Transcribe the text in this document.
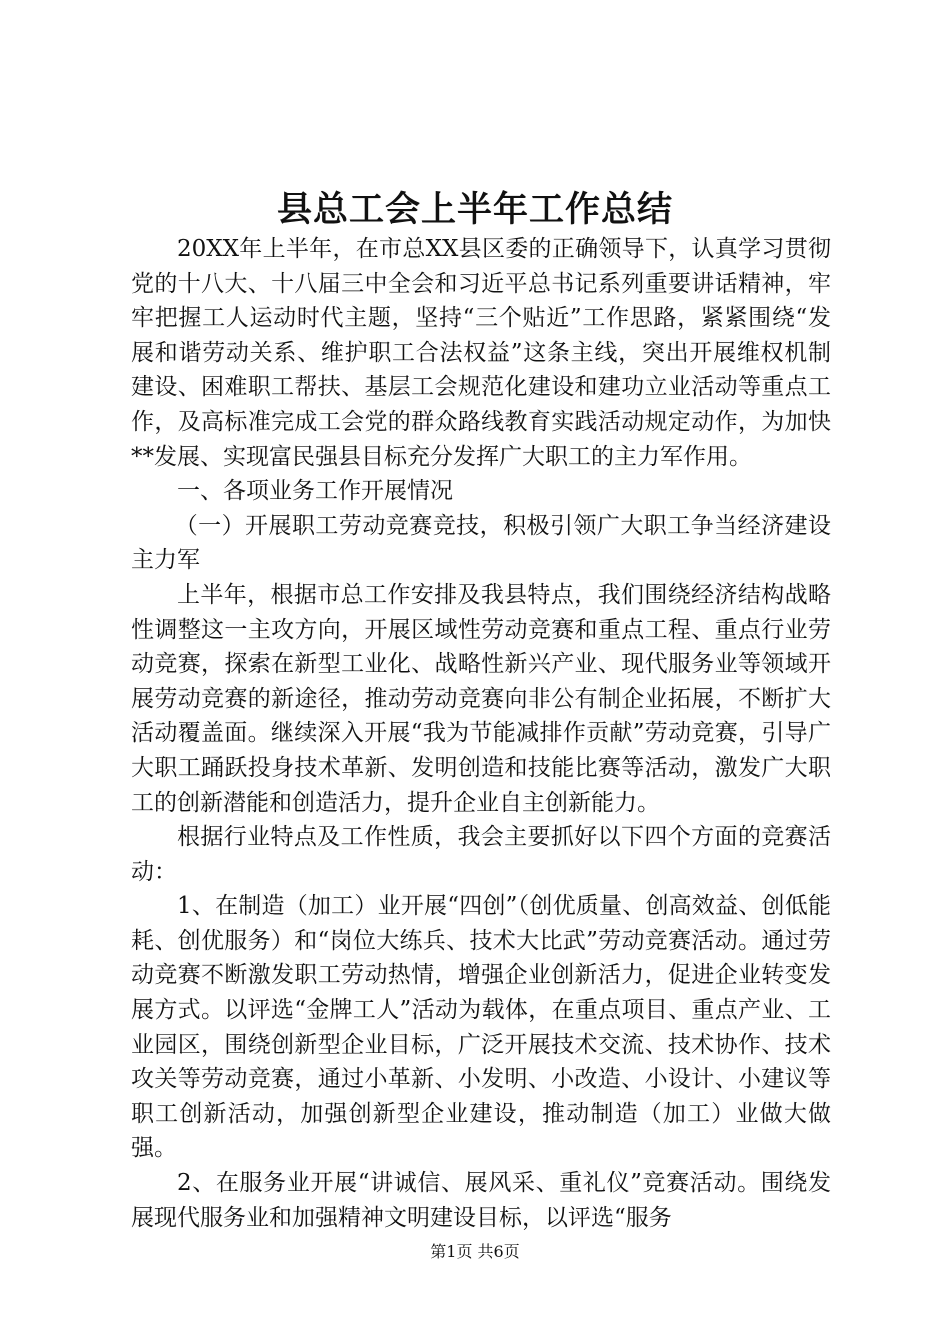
县总工会上半年工作总结

20XX年上半年，在市总XX县区委的正确领导下，认真学习贯彻党的十八大、十八届三中全会和习近平总书记系列重要讲话精神，牢牢把握工人运动时代主题，坚持“三个贴近”工作思路，紧紧围绕“发展和谐劳动关系、维护职工合法权益”这条主线，突出开展维权机制建设、困难职工帮扶、基层工会规范化建设和建功立业活动等重点工作，及高标准完成工会党的群众路线教育实践活动规定动作，为加快**发展、实现富民强县目标充分发挥广大职工的主力军作用。

一、各项业务工作开展情况

（一）开展职工劳动竞赛竞技，积极引领广大职工争当经济建设主力军

上半年，根据市总工作安排及我县特点，我们围绕经济结构战略性调整这一主攻方向，开展区域性劳动竞赛和重点工程、重点行业劳动竞赛，探索在新型工业化、战略性新兴产业、现代服务业等领域开展劳动竞赛的新途径，推动劳动竞赛向非公有制企业拓展，不断扩大活动覆盖面。继续深入开展“我为节能减排作贡献”劳动竞赛，引导广大职工踊跃投身技术革新、发明创造和技能比赛等活动，激发广大职工的创新潜能和创造活力，提升企业自主创新能力。

根据行业特点及工作性质，我会主要抓好以下四个方面的竞赛活动：

1、在制造（加工）业开展“四创”（创优质量、创高效益、创低能耗、创优服务）和“岗位大练兵、技术大比武”劳动竞赛活动。通过劳动竞赛不断激发职工劳动热情，增强企业创新活力，促进企业转变发展方式。以评选“金牌工人”活动为载体，在重点项目、重点产业、工业园区，围绕创新型企业目标，广泛开展技术交流、技术协作、技术攻关等劳动竞赛，通过小革新、小发明、小改造、小设计、小建议等职工创新活动，加强创新型企业建设，推动制造（加工）业做大做强。

2、在服务业开展“讲诚信、展风采、重礼仪”竞赛活动。围绕发展现代服务业和加强精神文明建设目标，以评选“服务

第1页 共6页
